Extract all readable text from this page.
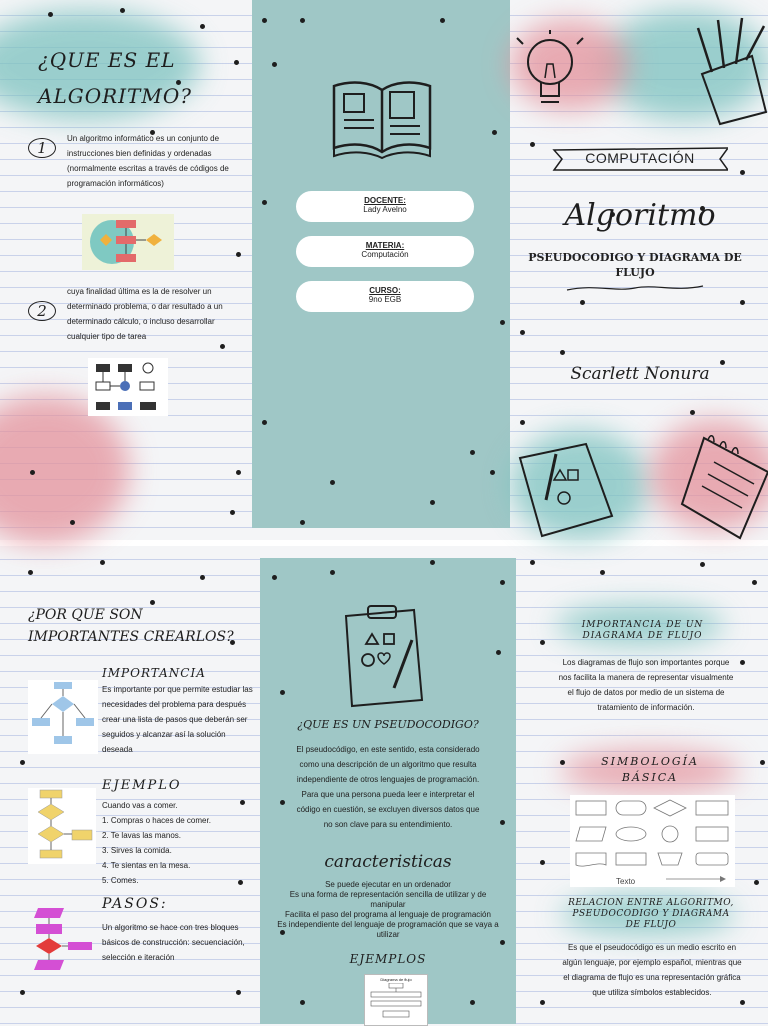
¿QUE ES EL ALGORITMO?
1
Un algoritmo informático es un conjunto de instrucciones bien definidas y ordenadas (normalmente escritas a través de códigos de programación informáticos)
2
cuya finalidad última es la de resolver un determinado problema, o dar resultado a un determinado cálculo, o incluso desarrollar cualquier tipo de tarea
DOCENTE:
Lady Avelno
MATERIA:
Computación
CURSO:
9no EGB
COMPUTACIÓN
Algoritmo
PSEUDOCODIGO Y DIAGRAMA DE FLUJO
Scarlett Nonura
¿POR QUE SON IMPORTANTES CREARLOS?
IMPORTANCIA
Es importante por que permite estudiar las necesidades del problema para después crear una lista de pasos que deberán ser seguidos y alcanzar así la solución deseada
EJEMPLO
Cuando vas a comer.
1. Compras o haces de comer.
2. Te lavas las manos.
3. Sirves la comida.
4. Te sientas en la mesa.
5. Comes.
PASOS:
Un algoritmo se hace con tres bloques básicos de construcción: secuenciación, selección e iteración
¿QUE ES UN PSEUDOCODIGO?
El pseudocódigo, en este sentido, esta considerado como una descripción de un algoritmo que resulta independiente de otros lenguajes de programación. Para que una persona pueda leer e interpretar el código en cuestión, se excluyen diversos datos que no son clave para su entendimiento.
caracteristicas
Se puede ejecutar en un ordenador
Es una forma de representación sencilla de utilizar y de manipular
Facilita el paso del programa al lenguaje de programación
Es independiente del lenguaje de programación que se vaya a utilizar
EJEMPLOS
Diagrama de flujo
IMPORTANCIA DE UN DIAGRAMA DE FLUJO
Los diagramas de flujo son importantes porque nos facilita la manera de representar visualmente el flujo de datos por medio de un sistema de tratamiento de información.
SIMBOLOGÍA BÁSICA
Texto
RELACION ENTRE ALGORITMO, PSEUDOCODIGO Y DIAGRAMA DE FLUJO
Es que el pseudocódigo es un medio escrito en algún lenguaje, por ejemplo español, mientras que el diagrama de flujo es una representación gráfica que utiliza símbolos establecidos.
